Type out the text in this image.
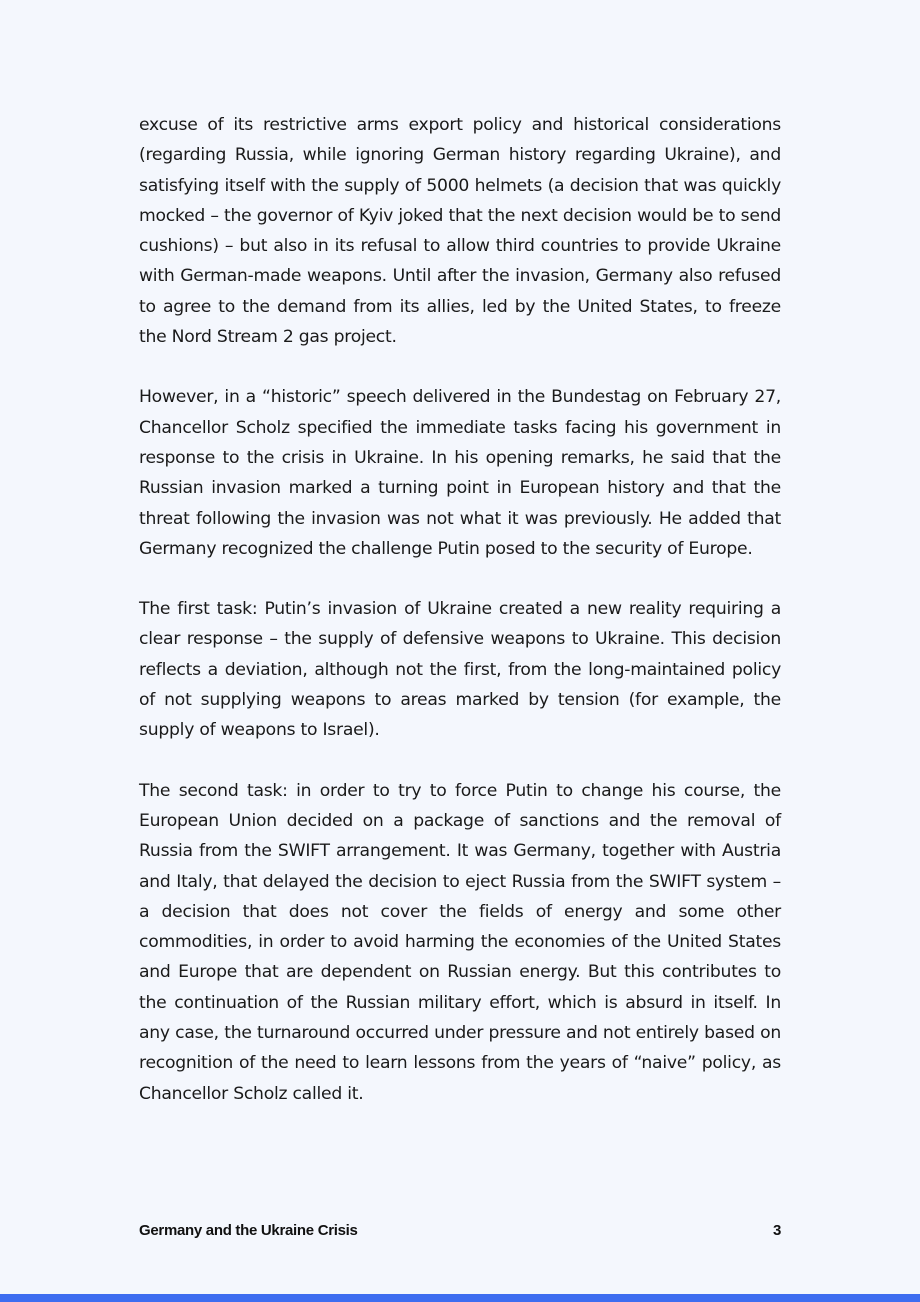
excuse of its restrictive arms export policy and historical considerations (regarding Russia, while ignoring German history regarding Ukraine), and satisfying itself with the supply of 5000 helmets (a decision that was quickly mocked – the governor of Kyiv joked that the next decision would be to send cushions) – but also in its refusal to allow third countries to provide Ukraine with German-made weapons. Until after the invasion, Germany also refused to agree to the demand from its allies, led by the United States, to freeze the Nord Stream 2 gas project.

However, in a “historic” speech delivered in the Bundestag on February 27, Chancellor Scholz specified the immediate tasks facing his government in response to the crisis in Ukraine. In his opening remarks, he said that the Russian invasion marked a turning point in European history and that the threat following the invasion was not what it was previously. He added that Germany recognized the challenge Putin posed to the security of Europe.

The first task: Putin’s invasion of Ukraine created a new reality requiring a clear response – the supply of defensive weapons to Ukraine. This decision reflects a deviation, although not the first, from the long-maintained policy of not supplying weapons to areas marked by tension (for example, the supply of weapons to Israel).

The second task: in order to try to force Putin to change his course, the European Union decided on a package of sanctions and the removal of Russia from the SWIFT arrangement. It was Germany, together with Austria and Italy, that delayed the decision to eject Russia from the SWIFT system – a decision that does not cover the fields of energy and some other commodities, in order to avoid harming the economies of the United States and Europe that are dependent on Russian energy. But this contributes to the continuation of the Russian military effort, which is absurd in itself. In any case, the turnaround occurred under pressure and not entirely based on recognition of the need to learn lessons from the years of “naive” policy, as Chancellor Scholz called it.

Germany and the Ukraine Crisis	3
